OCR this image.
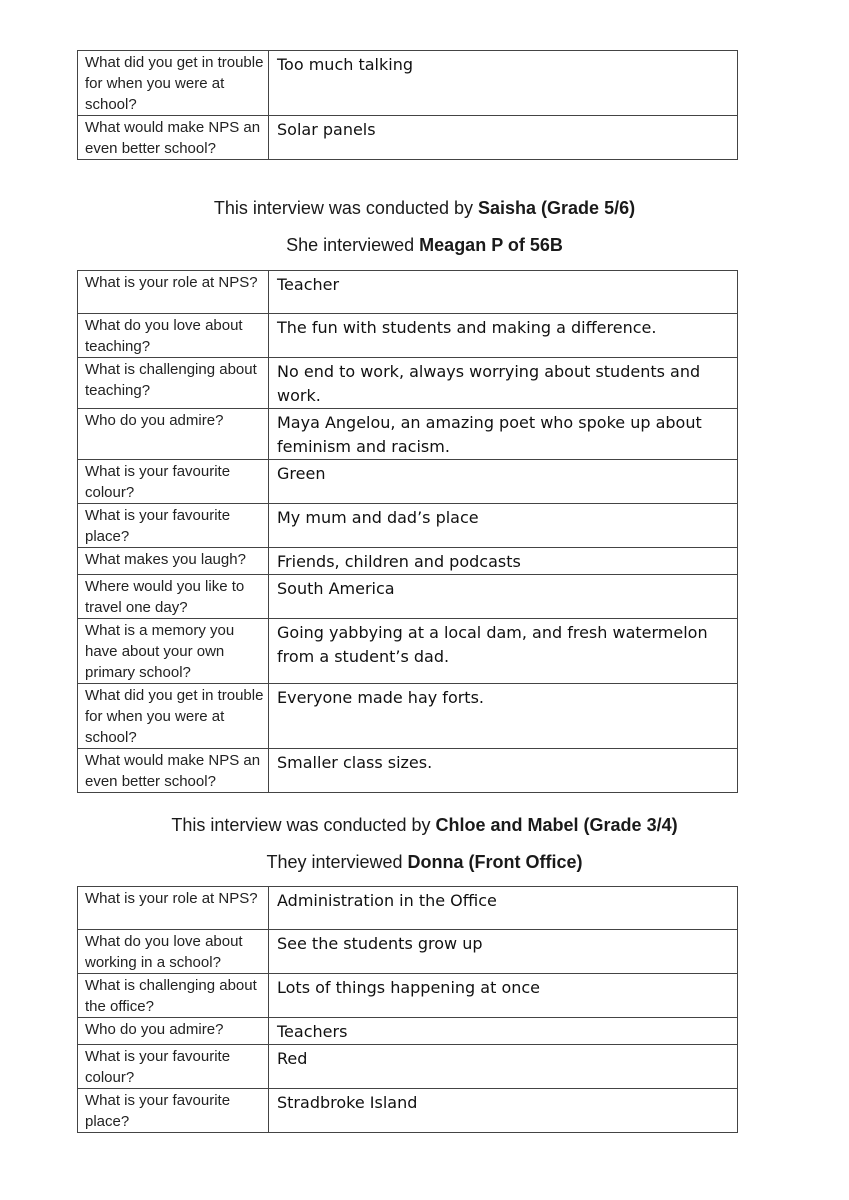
What did you get in trouble for when you were at school?	Too much talking
What would make NPS an even better school?	Solar panels
This interview was conducted by Saisha (Grade 5/6)
She interviewed Meagan P of 56B
What is your role at NPS?	Teacher
What do you love about teaching?	The fun with students and making a difference.
What is challenging about teaching?	No end to work, always worrying about students and work.
Who do you admire?	Maya Angelou, an amazing poet who spoke up about feminism and racism.
What is your favourite colour?	Green
What is your favourite place?	My mum and dad’s place
What makes you laugh?	Friends, children and podcasts
Where would you like to travel one day?	South America
What is a memory you have about your own primary school?	Going yabbying at a local dam, and fresh watermelon from a student’s dad.
What did you get in trouble for when you were at school?	Everyone made hay forts.
What would make NPS an even better school?	Smaller class sizes.
This interview was conducted by Chloe and Mabel (Grade 3/4)
They interviewed Donna (Front Office)
What is your role at NPS?	Administration in the Office
What do you love about working in a school?	See the students grow up
What is challenging about the office?	Lots of things happening at once
Who do you admire?	Teachers
What is your favourite colour?	Red
What is your favourite place?	Stradbroke Island
